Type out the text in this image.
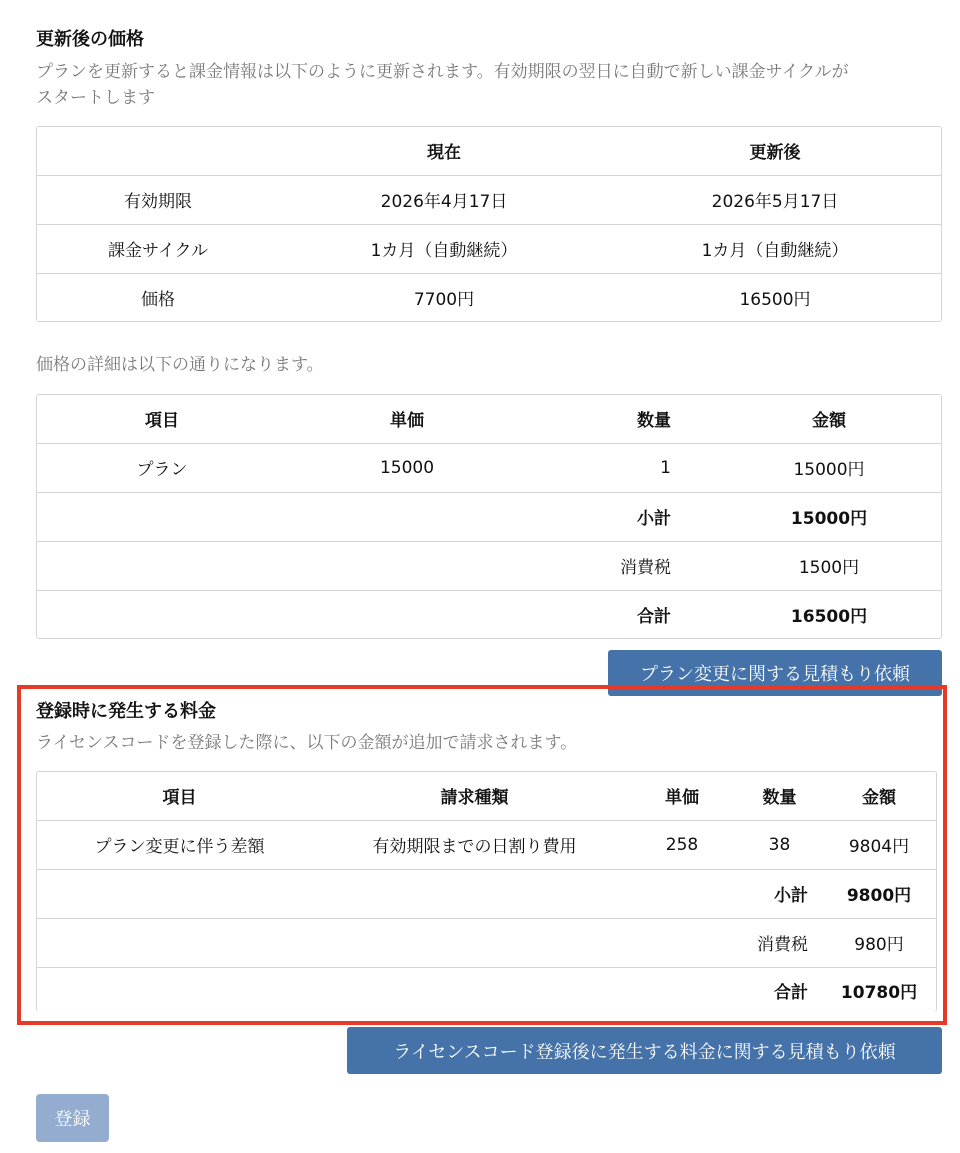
更新後の価格
プランを更新すると課金情報は以下のように更新されます。有効期限の翌日に自動で新しい課金サイクルが
スタートします
	現在	更新後
有効期限	2026年4月17日	2026年5月17日
課金サイクル	1カ月（自動継続）	1カ月（自動継続）
価格	7700円	16500円
価格の詳細は以下の通りになります。
項目	単価	数量	金額
プラン	15000	1	15000円
		小計	15000円
		消費税	1500円
		合計	16500円
プラン変更に関する見積もり依頼
登録時に発生する料金
ライセンスコードを登録した際に、以下の金額が追加で請求されます。
項目	請求種類	単価	数量	金額
プラン変更に伴う差額	有効期限までの日割り費用	258	38	9804円
			小計	9800円
			消費税	980円
			合計	10780円
ライセンスコード登録後に発生する料金に関する見積もり依頼
登録
